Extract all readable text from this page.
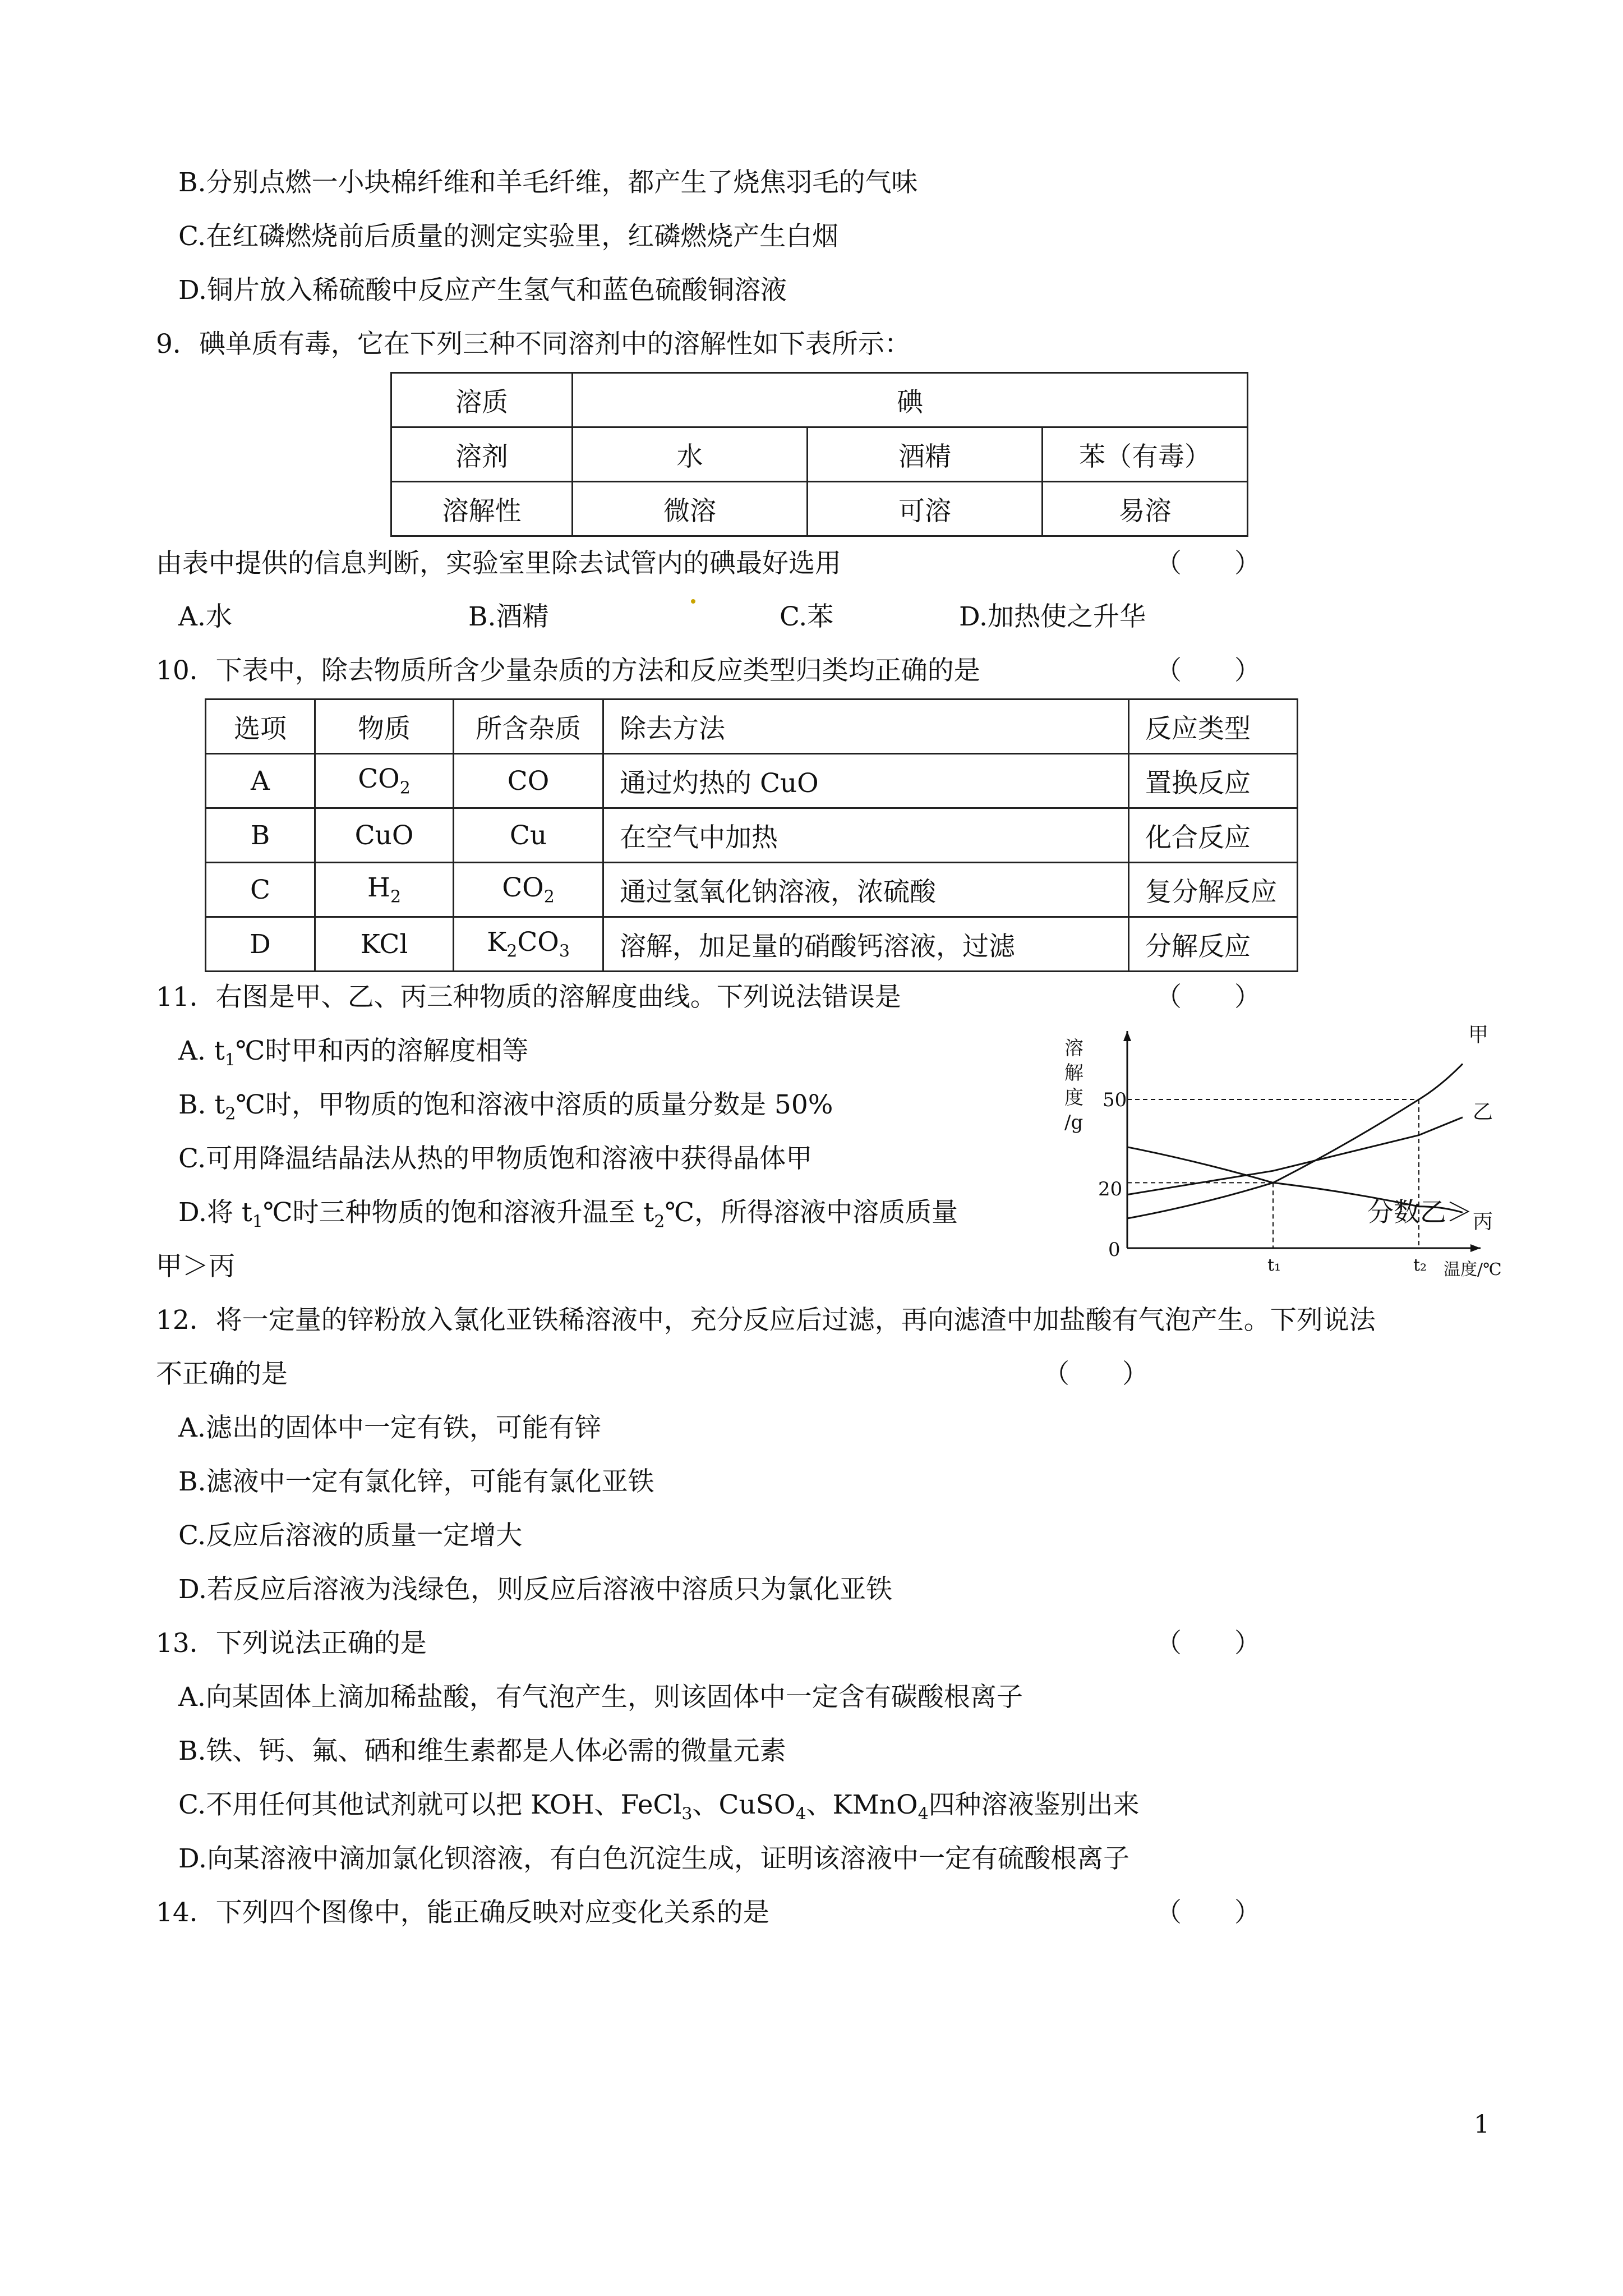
B.分别点燃一小块棉纤维和羊毛纤维，都产生了烧焦羽毛的气味
C.在红磷燃烧前后质量的测定实验里，红磷燃烧产生白烟
D.铜片放入稀硫酸中反应产生氢气和蓝色硫酸铜溶液
9．碘单质有毒，它在下列三种不同溶剂中的溶解性如下表所示：
溶质	碘		
溶剂	水	酒精	苯（有毒）
溶解性	微溶	可溶	易溶
由表中提供的信息判断，实验室里除去试管内的碘最好选用	（　　）
A.水	B.酒精	C.苯	D.加热使之升华
10．下表中，除去物质所含少量杂质的方法和反应类型归类均正确的是	（　　）
选项	物质	所含杂质	除去方法	反应类型
A	$CO_2$	CO	通过灼热的 CuO	置换反应
B	CuO	Cu	在空气中加热	化合反应
C	$H_2$	$CO_2$	通过氢氧化钠溶液，浓硫酸	复分解反应
D	KCl	$K_2CO_3$	溶解，加足量的硝酸钙溶液，过滤	分解反应
11．右图是甲、乙、丙三种物质的溶解度曲线。下列说法错误是	（　　）
A. $t_1℃$时甲和丙的溶解度相等
B. $t_2℃$时，甲物质的饱和溶液中溶质的质量分数是 50%
C.可用降温结晶法从热的甲物质饱和溶液中获得晶体甲
D.将 $t_1℃$时三种物质的饱和溶液升温至 $t_2℃$，所得溶液中溶质质量	分数乙＞
甲＞丙
溶
解
度
/g
0
20
50
t₁	t₂ 温度/℃
甲
乙
丙
12．将一定量的锌粉放入氯化亚铁稀溶液中，充分反应后过滤，再向滤渣中加盐酸有气泡产生。下列说法
不正确的是	（　　）
A.滤出的固体中一定有铁，可能有锌
B.滤液中一定有氯化锌，可能有氯化亚铁
C.反应后溶液的质量一定增大
D.若反应后溶液为浅绿色，则反应后溶液中溶质只为氯化亚铁
13．下列说法正确的是	（　　）
A.向某固体上滴加稀盐酸，有气泡产生，则该固体中一定含有碳酸根离子
B.铁、钙、氟、硒和维生素都是人体必需的微量元素
C.不用任何其他试剂就可以把 KOH、FeCl$_3$、CuSO$_4$、KMnO$_4$四种溶液鉴别出来
D.向某溶液中滴加氯化钡溶液，有白色沉淀生成，证明该溶液中一定有硫酸根离子
14．下列四个图像中，能正确反映对应变化关系的是	（　　）
1
